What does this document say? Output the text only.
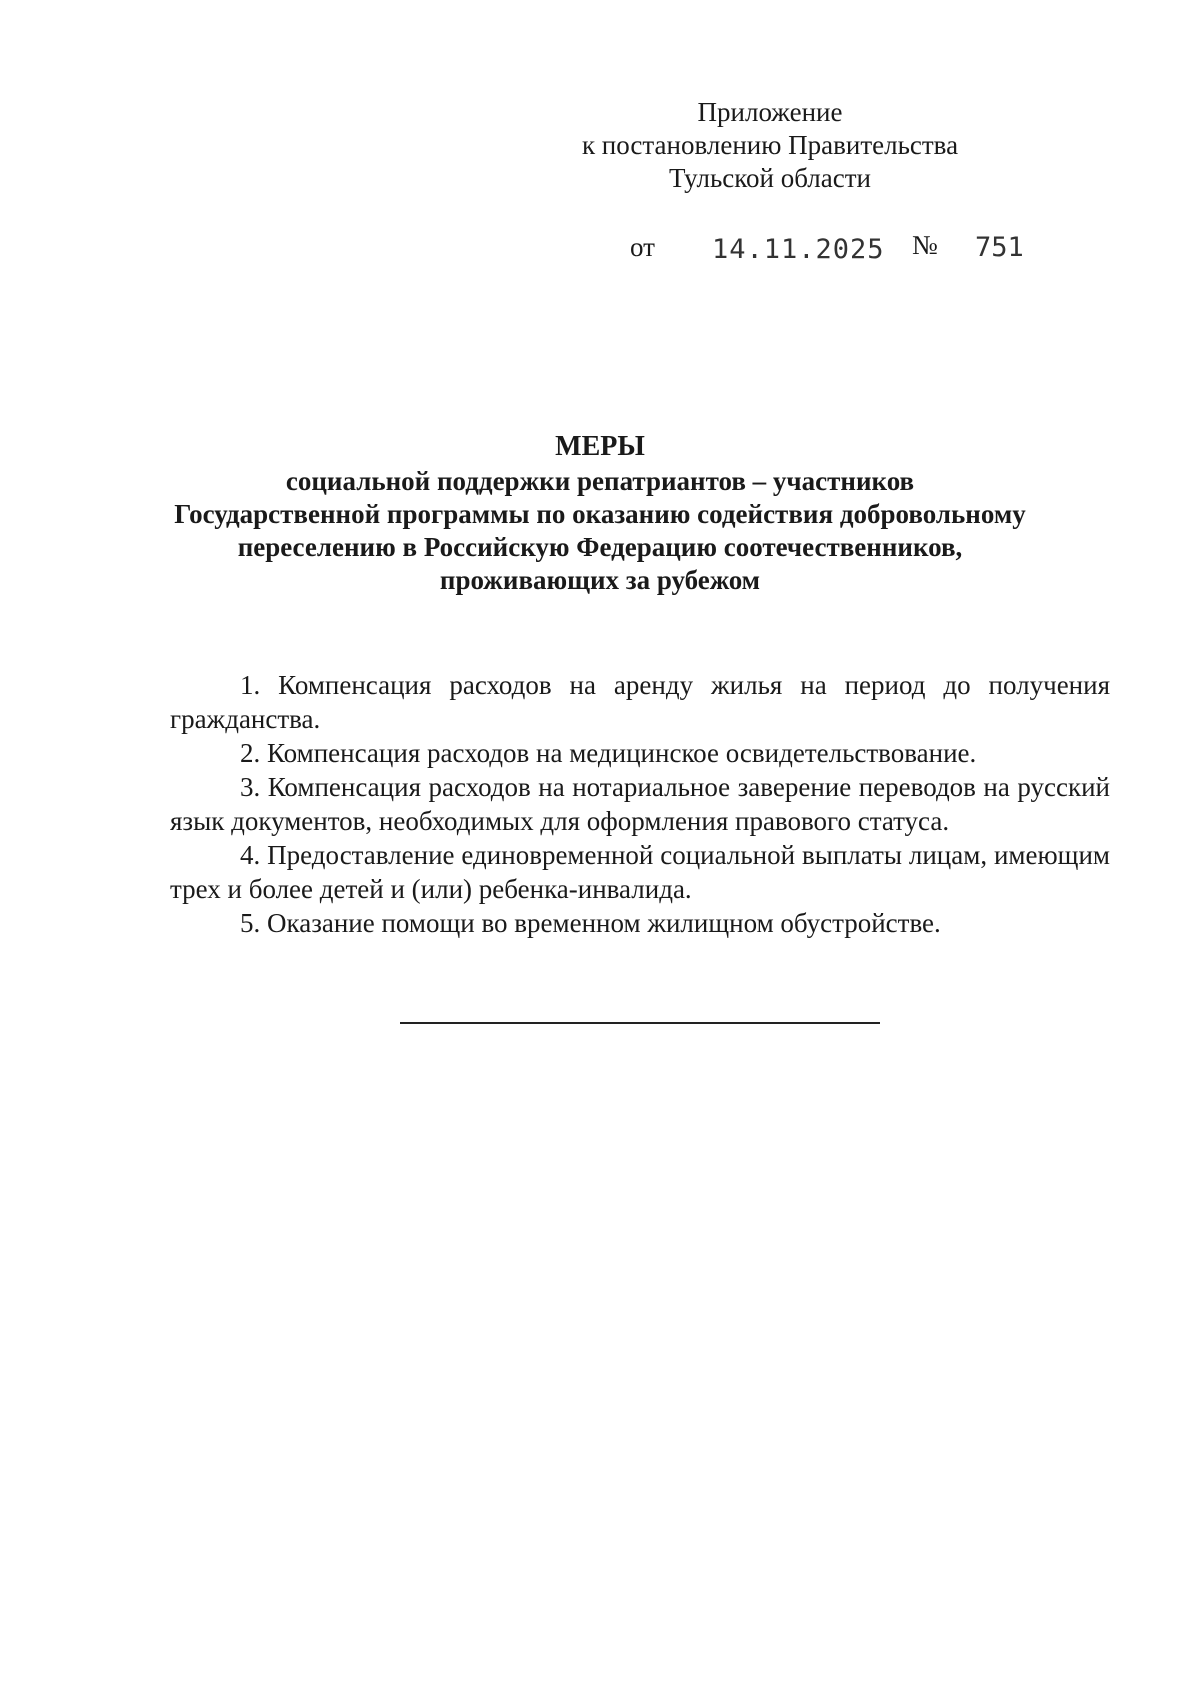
Приложение
к постановлению Правительства
Тульской области
от 14.11.2025 № 751
МЕРЫ
социальной поддержки репатриантов – участников
Государственной программы по оказанию содействия добровольному
переселению в Российскую Федерацию соотечественников,
проживающих за рубежом

1. Компенсация расходов на аренду жилья на период до получения гражданства.

2. Компенсация расходов на медицинское освидетельствование.

3. Компенсация расходов на нотариальное заверение переводов на русский язык документов, необходимых для оформления правового статуса.

4. Предоставление единовременной социальной выплаты лицам, имеющим трех и более детей и (или) ребенка-инвалида.

5. Оказание помощи во временном жилищном обустройстве.
